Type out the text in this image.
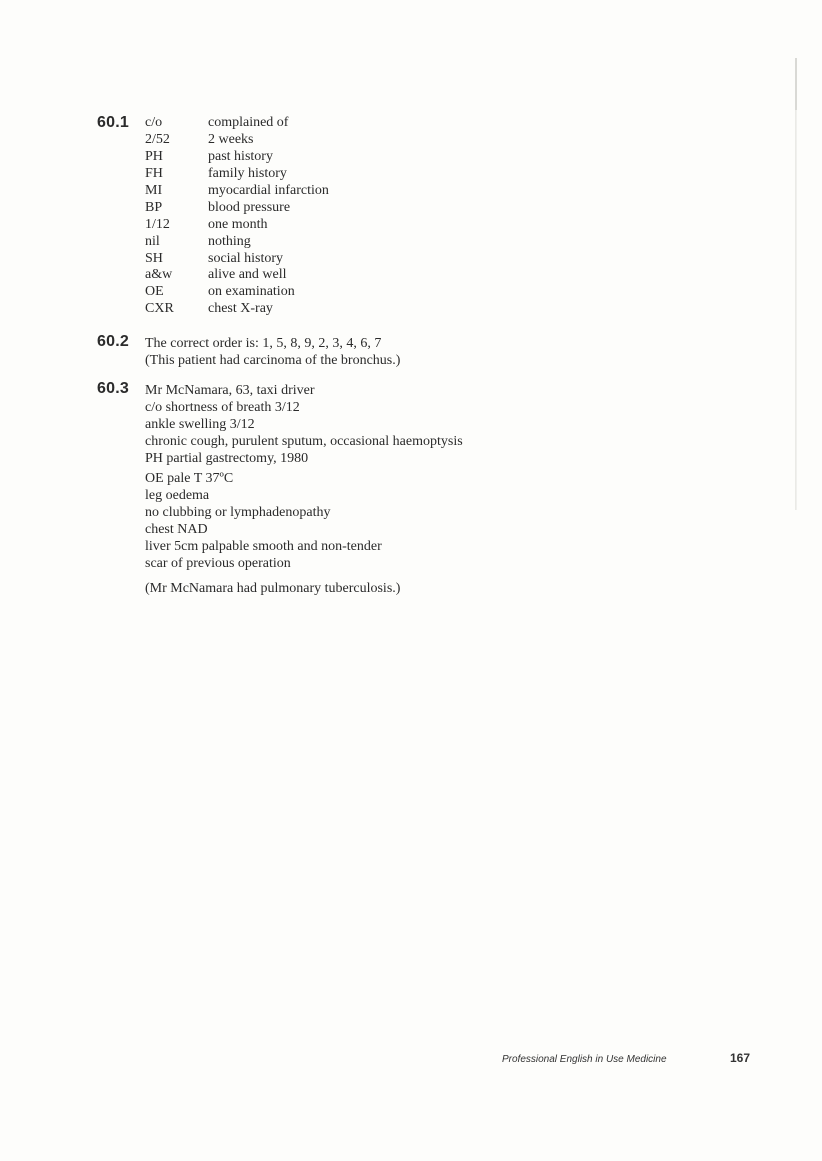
60.1	c/o	complained of
2/52	2 weeks
PH	past history
FH	family history
MI	myocardial infarction
BP	blood pressure
1/12	one month
nil	nothing
SH	social history
a&w	alive and well
OE	on examination
CXR	chest X-ray
60.2	The correct order is: 1, 5, 8, 9, 2, 3, 4, 6, 7
(This patient had carcinoma of the bronchus.)
60.3	Mr McNamara, 63, taxi driver
c/o shortness of breath 3/12
ankle swelling 3/12
chronic cough, purulent sputum, occasional haemoptysis
PH partial gastrectomy, 1980
OE pale T 37ºC
leg oedema
no clubbing or lymphadenopathy
chest NAD
liver 5cm palpable smooth and non-tender
scar of previous operation
(Mr McNamara had pulmonary tuberculosis.)
Professional English in Use Medicine	167
